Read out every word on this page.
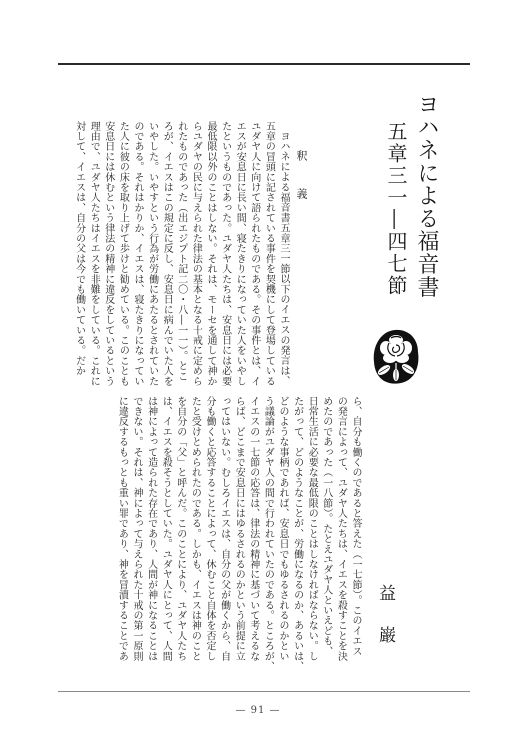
ヨハネによる福音書
五章三一―四七節
釈　義
ヨハネによる福音書五章三一節以下のイエスの発言は、
五章の冒頭に記されている事件を契機にして登場している
ユダヤ人に向けて語られたものである。その事件とは、イ
エスが安息日に長い間、寝たきりになっていた人をいやし
たというものであった。ユダヤ人たちは、安息日には必要
最低限以外のことはしない。それは、モーセを通して神か
らユダヤの民に与えられた律法の基本となる十戒に定めら
れたものであった（出エジプト記二〇・八―一一）。とこ
ろが、イエスはこの規定に反し、安息日に病んでいた人を
いやした。いやすという行為が労働にあたるとされていた
のである。それはかりか、イエスは、寝たきりになってい
た人に彼の床を取り上げて歩けと勧めている。このことも
安息日には休むという律法の精神に違反をしているという
理由で、ユダヤ人たちはイエスを非難をしている。これに
対して、イエスは、自分の父は今でも働いている。だか
ら、自分も働くのであると答えた（一七節）。このイエス
の発言によって、ユダヤ人たちは、イエスを殺すことを決
めたのであった（一八節）。たとえユダヤ人といえども、
日常生活に必要な最低限のことはしなければならない。し
たがって、どのようなことが、労働になるのか、あるいは、
どのような事柄であれば、安息日でもゆるされるのかとい
う議論がユダヤ人の間で行われていたのである。ところが、
イエスの一七節の応答は、律法の精神に基づいて考えるな
らば、どこまで安息日にはゆるされるのかという前提に立
ってはいない。むしろイエスは、自分の父が働くから、自
分も働くと応答することによって、休むこと自体を否定し
たと受けとめられたのである。しかも、イエスは神のこと
を自分の「父」と呼んだ。このことにより、ユダヤ人たち
は、イエスを殺そうとしていた。ユダヤ人にとって、人間
は神によって造られた存在であり、人間が神になることは
できない。それは、神によって与えられた十戒の第一原則
に違反するもっとも重い罪であり、神を冒瀆することであ	益　巌
— 91 —
